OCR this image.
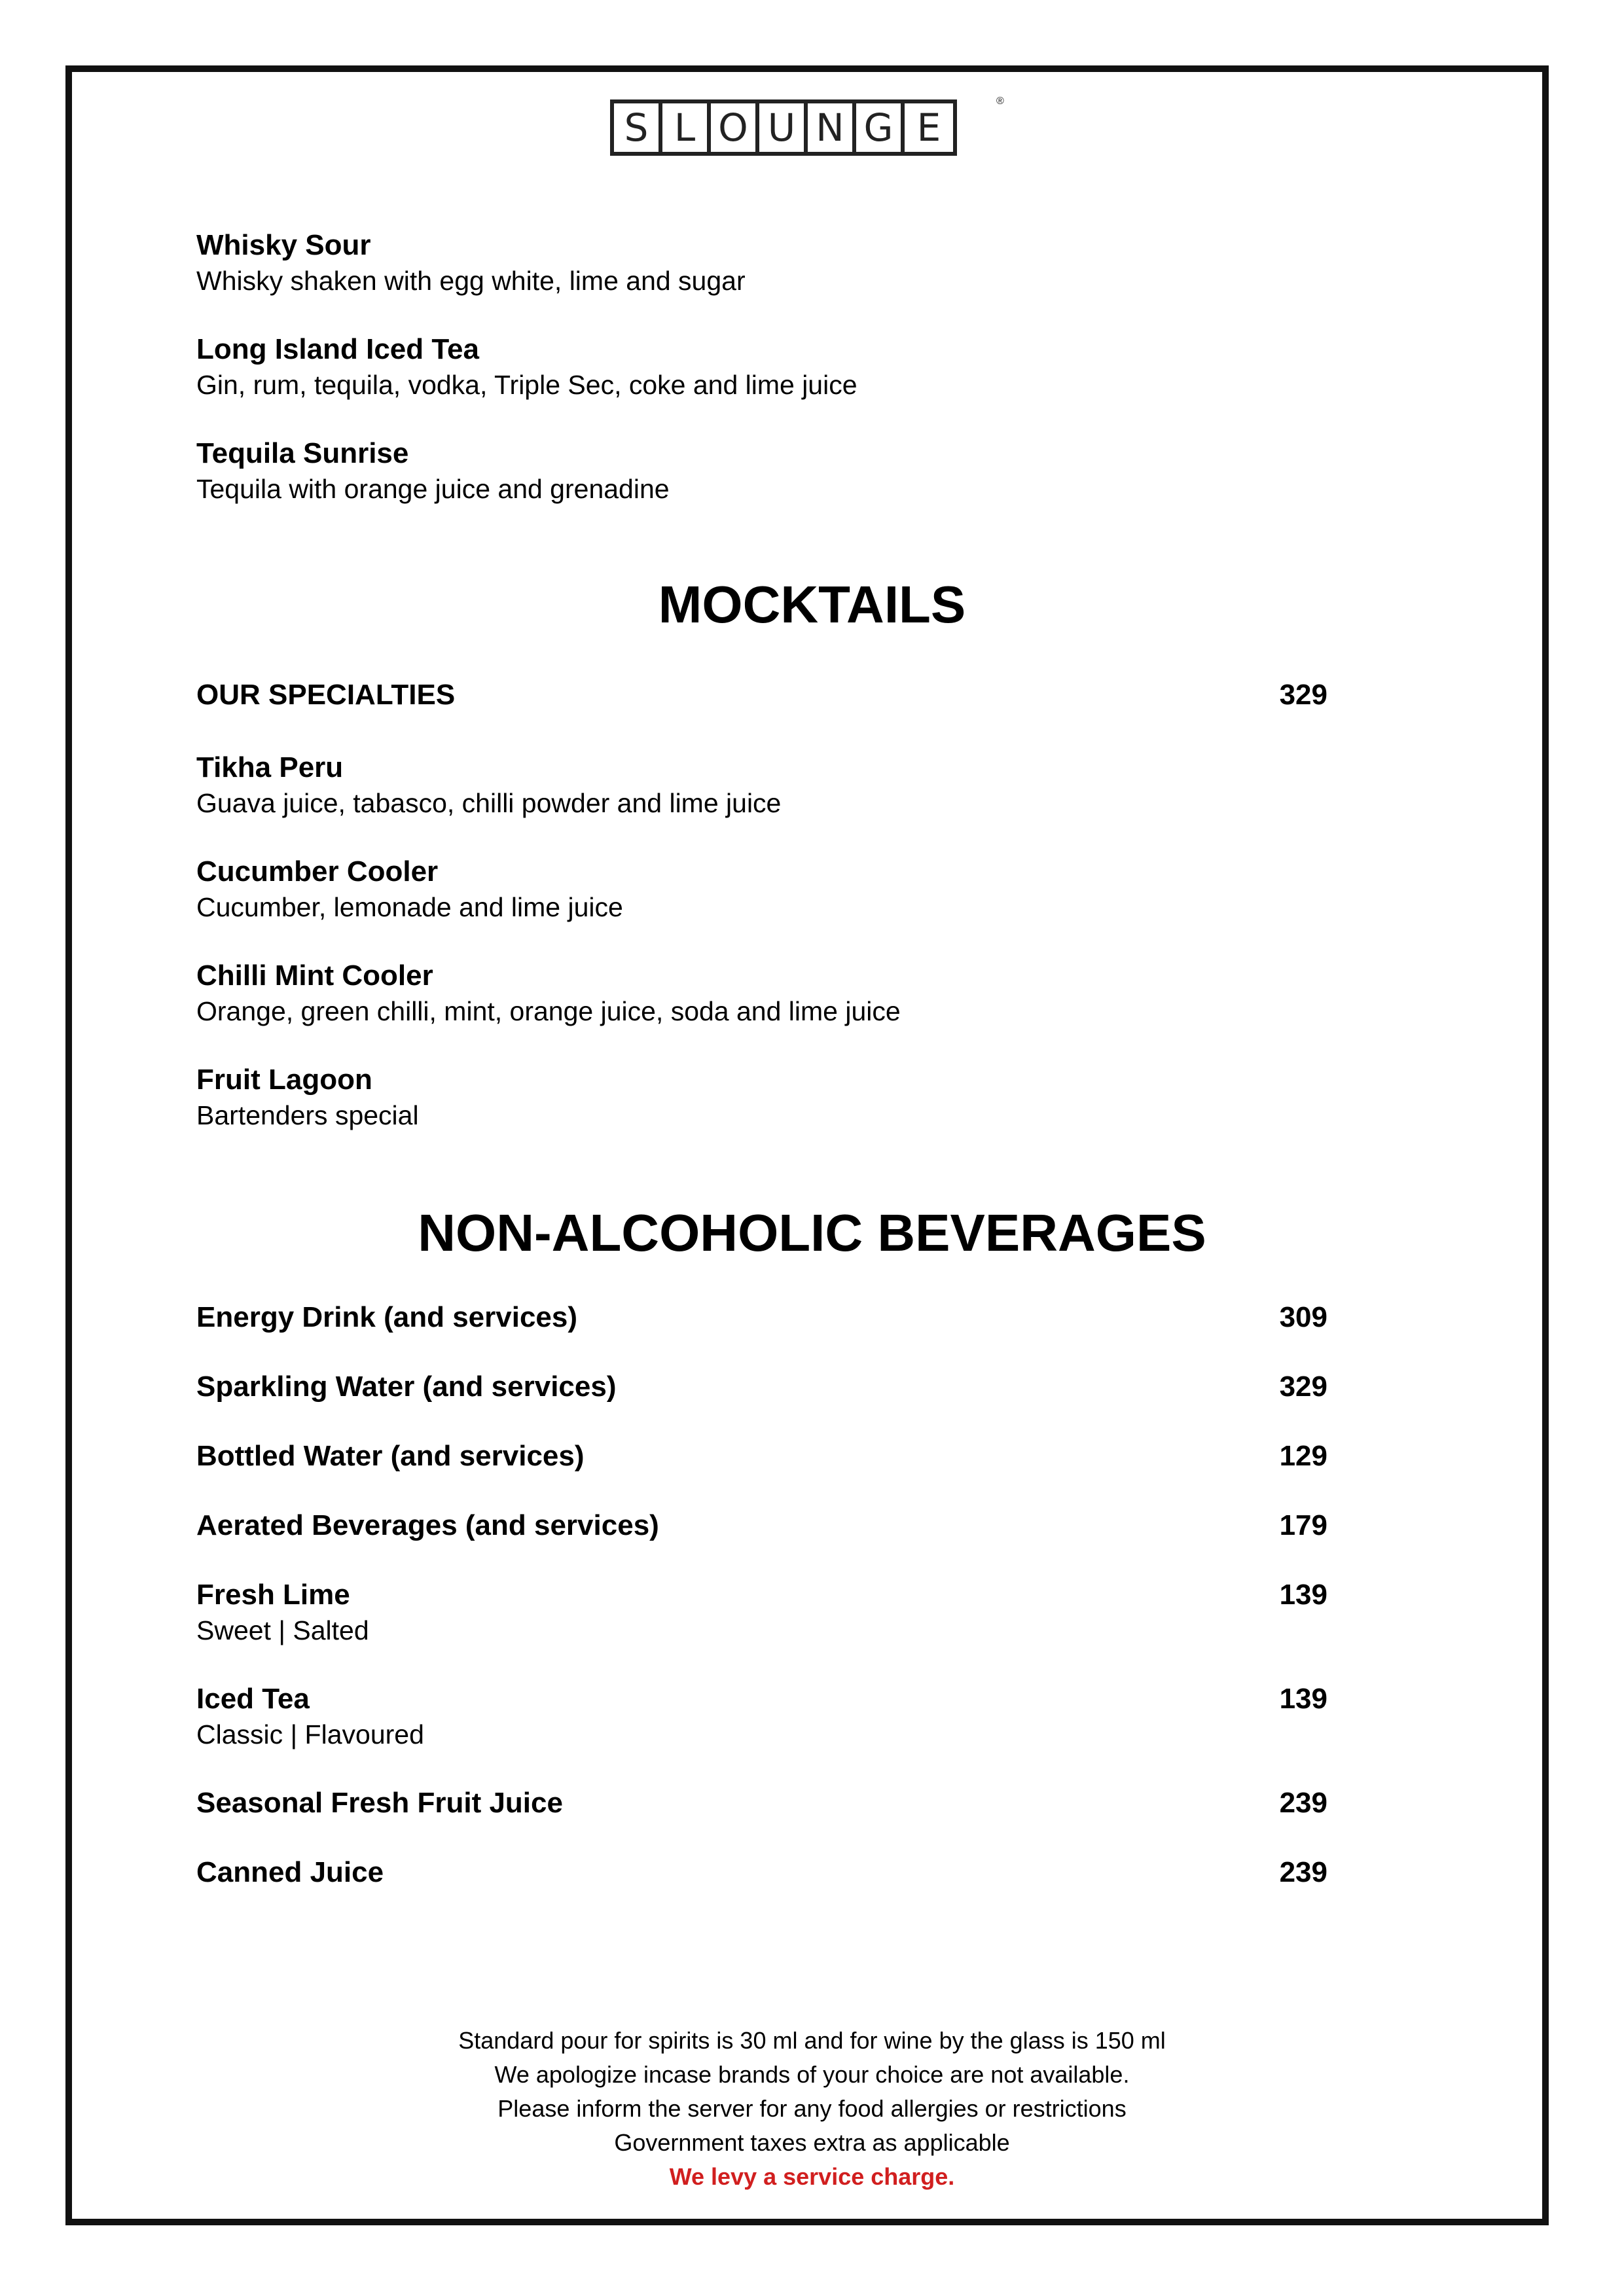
S L O U N G E
®
Whisky Sour
Whisky shaken with egg white, lime and sugar
Long Island Iced Tea
Gin, rum, tequila, vodka, Triple Sec, coke and lime juice
Tequila Sunrise
Tequila with orange juice and grenadine
OUR SPECIALTIES	329
Tikha Peru
Guava juice, tabasco, chilli powder and lime juice
Cucumber Cooler
Cucumber, lemonade and lime juice
Chilli Mint Cooler
Orange, green chilli, mint, orange juice, soda and lime juice
Fruit Lagoon
Bartenders special
Energy Drink (and services)	309
Sparkling Water (and services)	329
Bottled Water (and services)	129
Aerated Beverages (and services)	179
Fresh Lime	139
Sweet | Salted
Iced Tea	139
Classic | Flavoured
Seasonal Fresh Fruit Juice	239
Canned Juice	239
MOCKTAILS
NON-ALCOHOLIC BEVERAGES
Standard pour for spirits is 30 ml and for wine by the glass is 150 ml
We apologize incase brands of your choice are not available.
Please inform the server for any food allergies or restrictions
Government taxes extra as applicable
We levy a service charge.
